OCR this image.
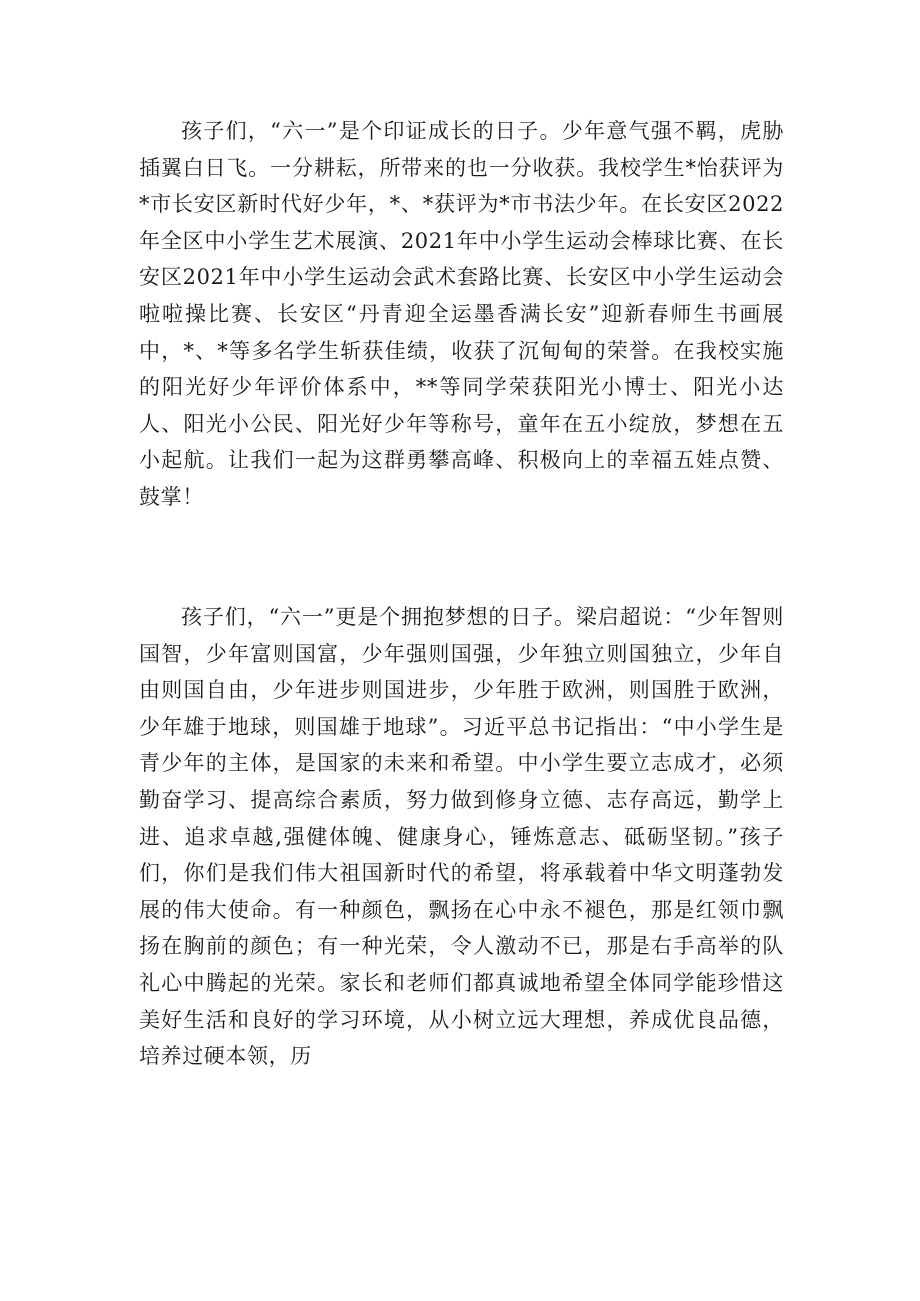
孩子们，“六一”是个印证成长的日子。少年意气强不羁，虎胁插翼白日飞。一分耕耘，所带来的也一分收获。我校学生*怡获评为*市长安区新时代好少年，*、*获评为*市书法少年。在长安区2022年全区中小学生艺术展演、2021年中小学生运动会棒球比赛、在长安区2021年中小学生运动会武术套路比赛、长安区中小学生运动会啦啦操比赛、长安区“丹青迎全运墨香满长安”迎新春师生书画展中，*、*等多名学生斩获佳绩，收获了沉甸甸的荣誉。在我校实施的阳光好少年评价体系中，**等同学荣获阳光小博士、阳光小达人、阳光小公民、阳光好少年等称号，童年在五小绽放，梦想在五小起航。让我们一起为这群勇攀高峰、积极向上的幸福五娃点赞、鼓掌！

孩子们，“六一”更是个拥抱梦想的日子。梁启超说：“少年智则国智，少年富则国富，少年强则国强，少年独立则国独立，少年自由则国自由，少年进步则国进步，少年胜于欧洲，则国胜于欧洲，少年雄于地球，则国雄于地球”。习近平总书记指出：“中小学生是青少年的主体，是国家的未来和希望。中小学生要立志成才，必须勤奋学习、提高综合素质，努力做到修身立德、志存高远，勤学上进、追求卓越,强健体魄、健康身心，锤炼意志、砥砺坚韧。”孩子们，你们是我们伟大祖国新时代的希望，将承载着中华文明蓬勃发展的伟大使命。有一种颜色，飘扬在心中永不褪色，那是红领巾飘扬在胸前的颜色；有一种光荣，令人激动不已，那是右手高举的队礼心中腾起的光荣。家长和老师们都真诚地希望全体同学能珍惜这美好生活和良好的学习环境，从小树立远大理想，养成优良品德，培养过硬本领，历
